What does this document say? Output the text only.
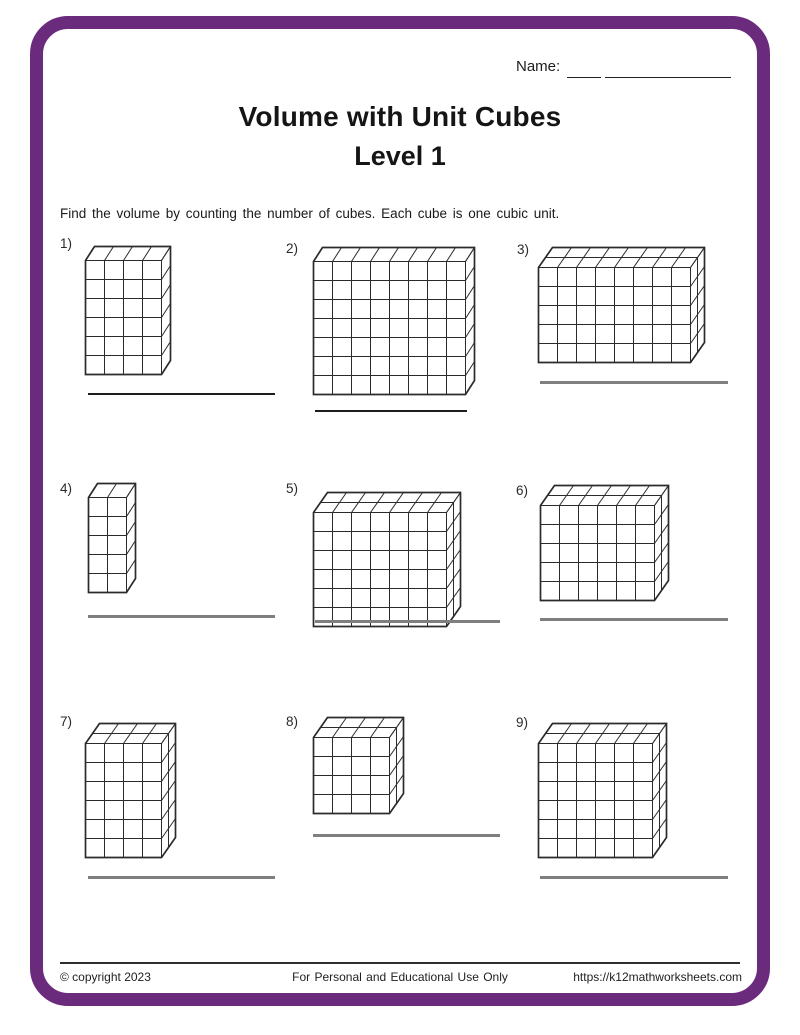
Name:
Volume with Unit Cubes
Level 1
Find the volume by counting the number of cubes. Each cube is one cubic unit.
1)	2)	3)
4)	5)	6)
7)	8)	9)
© copyright 2023	For Personal and Educational Use Only	https://k12mathworksheets.com
